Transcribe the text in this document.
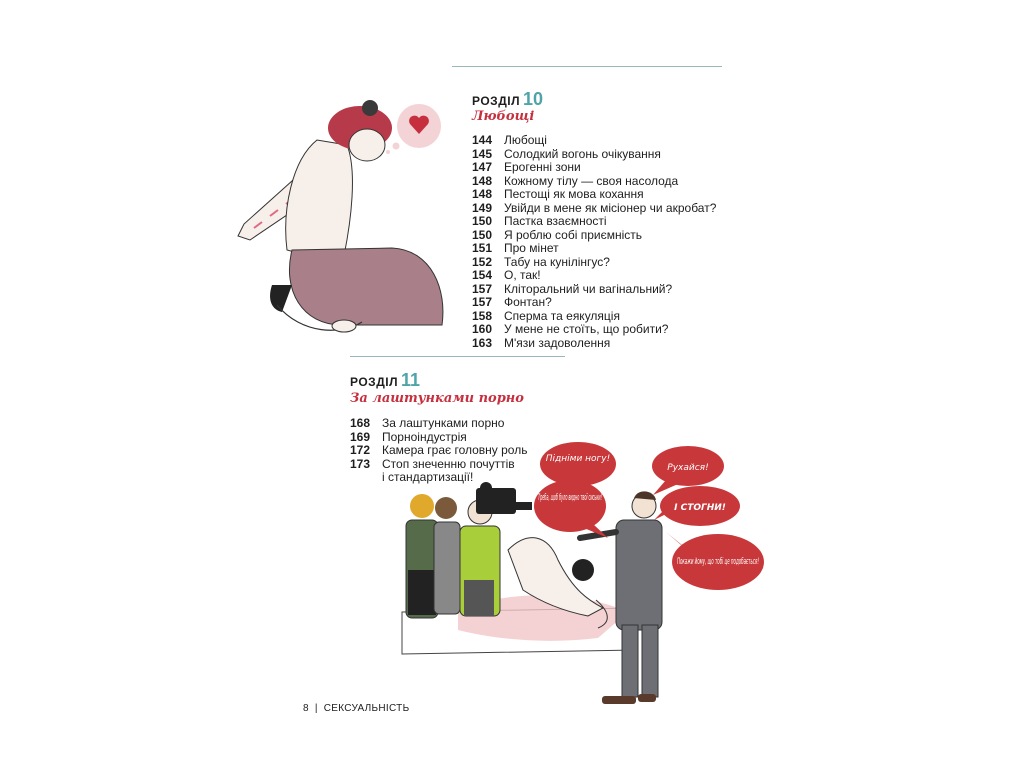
РОЗДІЛ 10
Любощі
144 Любощі
145 Солодкий вогонь очікування
147 Ерогенні зони
148 Кожному тілу — своя насолода
148 Пестощі як мова кохання
149 Увійди в мене як місіонер чи акробат?
150 Пастка взаємності
150 Я роблю собі приємність
151 Про мінет
152 Табу на кунілінгус?
154 О, так!
157 Кліторальний чи вагінальний?
157 Фонтан?
158 Сперма та еякуляція
160 У мене не стоїть, що робити?
163 М'язи задоволення
РОЗДІЛ 11
За лаштунками порно
168 За лаштунками порно
169 Порноіндустрія
172 Камера грає головну роль
173 Стоп знеченню почуттів
і стандартизації!
Підніми ногу!
Рухайся!
Треба, щоб було видно твої сиськи!
І СТОГНИ!
Покажи йому, що тобі це подобається!
8 | СЕКСУАЛЬНІСТЬ
